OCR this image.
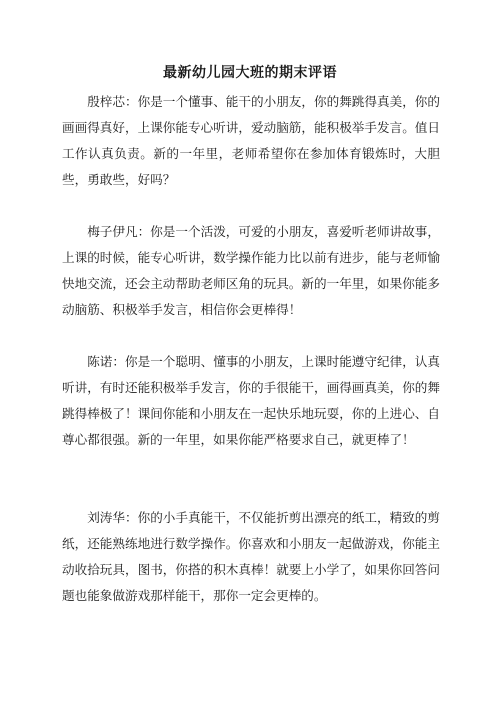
最新幼儿园大班的期末评语

殷梓芯：你是一个懂事、能干的小朋友，你的舞跳得真美，你的画画得真好，上课你能专心听讲，爱动脑筋，能积极举手发言。值日工作认真负责。新的一年里，老师希望你在参加体育锻炼时，大胆些，勇敢些，好吗？

梅子伊凡：你是一个活泼，可爱的小朋友，喜爱听老师讲故事，上课的时候，能专心听讲，数学操作能力比以前有进步，能与老师愉快地交流，还会主动帮助老师区角的玩具。新的一年里，如果你能多动脑筋、积极举手发言，相信你会更棒得！

陈诺：你是一个聪明、懂事的小朋友，上课时能遵守纪律，认真听讲，有时还能积极举手发言，你的手很能干，画得画真美，你的舞跳得棒极了！课间你能和小朋友在一起快乐地玩耍，你的上进心、自尊心都很强。新的一年里，如果你能严格要求自己，就更棒了！

刘涛华：你的小手真能干，不仅能折剪出漂亮的纸工，精致的剪纸，还能熟练地进行数学操作。你喜欢和小朋友一起做游戏，你能主动收拾玩具，图书，你搭的积木真棒！就要上小学了，如果你回答问题也能象做游戏那样能干，那你一定会更棒的。
